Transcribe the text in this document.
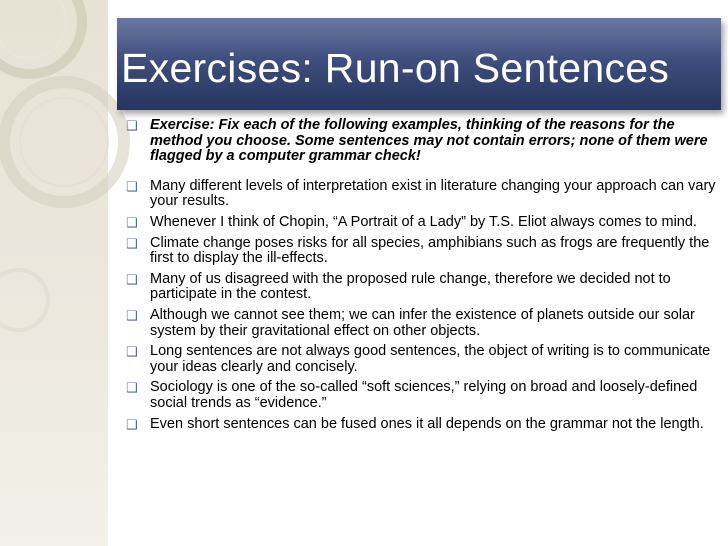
Exercises: Run-on Sentences
❑ Exercise: Fix each of the following examples, thinking of the reasons for the method you choose. Some sentences may not contain errors; none of them were flagged by a computer grammar check!
❑ Many different levels of interpretation exist in literature changing your approach can vary your results.
❑ Whenever I think of Chopin, “A Portrait of a Lady” by T.S. Eliot always comes to mind.
❑ Climate change poses risks for all species, amphibians such as frogs are frequently the first to display the ill-effects.
❑ Many of us disagreed with the proposed rule change, therefore we decided not to participate in the contest.
❑ Although we cannot see them; we can infer the existence of planets outside our solar system by their gravitational effect on other objects.
❑ Long sentences are not always good sentences, the object of writing is to communicate your ideas clearly and concisely.
❑ Sociology is one of the so-called “soft sciences,” relying on broad and loosely-defined social trends as “evidence.”
❑ Even short sentences can be fused ones it all depends on the grammar not the length.
